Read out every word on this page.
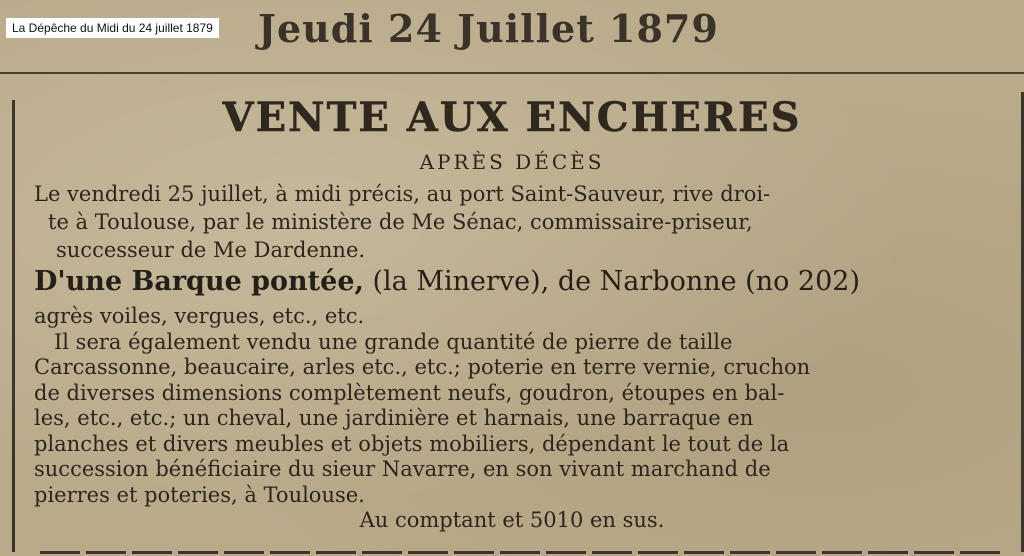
La Dépêche du Midi du 24 juillet 1879 Jeudi 24 Juillet 1879
VENTE AUX ENCHERES
APRÈS DÉCÈS
Le vendredi 25 juillet, à midi précis, au port Saint-Sauveur, rive droi-
te à Toulouse, par le ministère de Me Sénac, commissaire-priseur,
successeur de Me Dardenne.
D'une Barque pontée, (la Minerve), de Narbonne (no 202)
agrès voiles, vergues, etc., etc.
Il sera également vendu une grande quantité de pierre de taille
Carcassonne, beaucaire, arles etc., etc.; poterie en terre vernie, cruchon
de diverses dimensions complètement neufs, goudron, étoupes en bal-
les, etc., etc.; un cheval, une jardinière et harnais, une barraque en
planches et divers meubles et objets mobiliers, dépendant le tout de la
succession bénéficiaire du sieur Navarre, en son vivant marchand de
pierres et poteries, à Toulouse.
Au comptant et 5010 en sus.
